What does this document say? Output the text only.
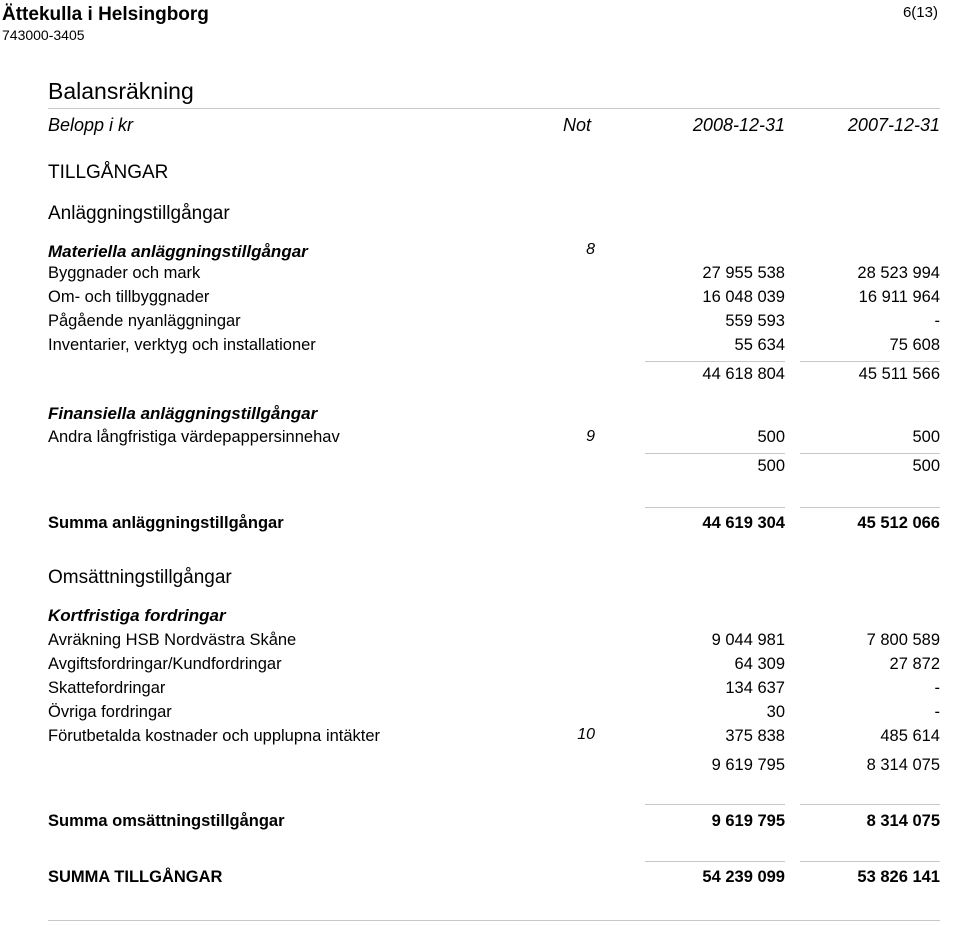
Ättekulla i Helsingborg
743000-3405
6(13)
Balansräkning
Belopp i kr	Not	2008-12-31	2007-12-31
TILLGÅNGAR
Anläggningstillgångar
Materiella anläggningstillgångar	8
Byggnader och mark	27 955 538	28 523 994
Om- och tillbyggnader	16 048 039	16 911 964
Pågående nyanläggningar	559 593	-
Inventarier, verktyg och installationer	55 634	75 608
44 618 804	45 511 566
Finansiella anläggningstillgångar
Andra långfristiga värdepappersinnehav	9	500	500
500	500
Summa anläggningstillgångar	44 619 304	45 512 066
Omsättningstillgångar
Kortfristiga fordringar
Avräkning HSB Nordvästra Skåne	9 044 981	7 800 589
Avgiftsfordringar/Kundfordringar	64 309	27 872
Skattefordringar	134 637	-
Övriga fordringar	30	-
Förutbetalda kostnader och upplupna intäkter	10	375 838	485 614
9 619 795	8 314 075
Summa omsättningstillgångar	9 619 795	8 314 075
SUMMA TILLGÅNGAR	54 239 099	53 826 141
